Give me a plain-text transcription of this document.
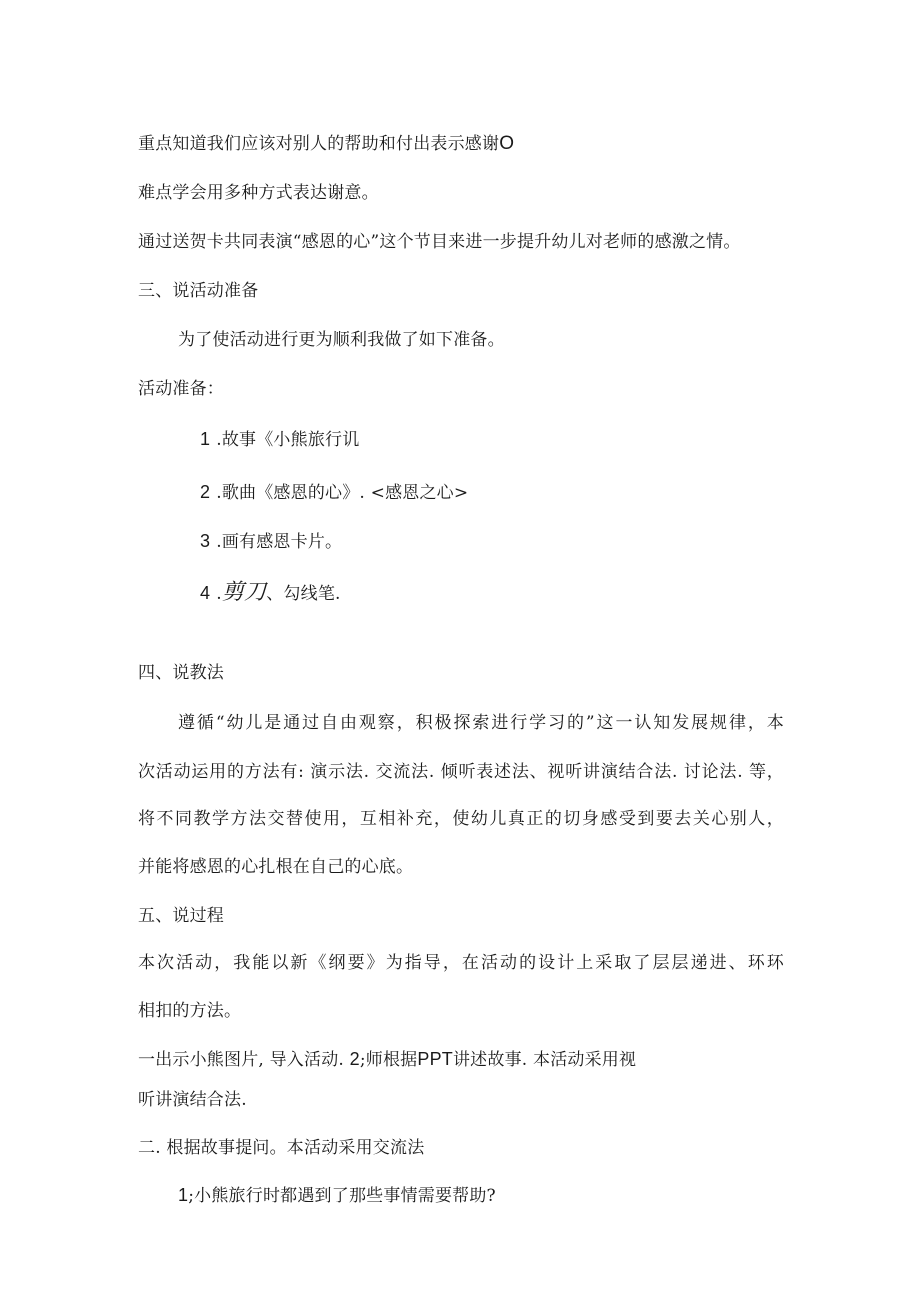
重点知道我们应该对别人的帮助和付出表示感谢O
难点学会用多种方式表达谢意。
通过送贺卡共同表演“感恩的心”这个节目来进一步提升幼儿对老师的感激之情。
三、说活动准备
为了使活动进行更为顺利我做了如下准备。
活动准备：
1 .故事《小熊旅行讥
2 .歌曲《感恩的心》. <感恩之心>
3 .画有感恩卡片。
4 .剪刀、勾线笔.
四、说教法
遵循“幼儿是通过自由观察，积极探索进行学习的”这一认知发展规律，本
次活动运用的方法有: 演示法. 交流法. 倾听表述法、视听讲演结合法. 讨论法. 等，
将不同教学方法交替使用，互相补充，使幼儿真正的切身感受到要去关心别人，
并能将感恩的心扎根在自己的心底。
五、说过程
本次活动，我能以新《纲要》为指导，在活动的设计上采取了层层递进、环环
相扣的方法。
一出示小熊图片, 导入活动. 2;师根据PPT讲述故事. 本活动采用视
听讲演结合法.
二. 根据故事提问。本活动采用交流法
1;小熊旅行时都遇到了那些事情需要帮助?
